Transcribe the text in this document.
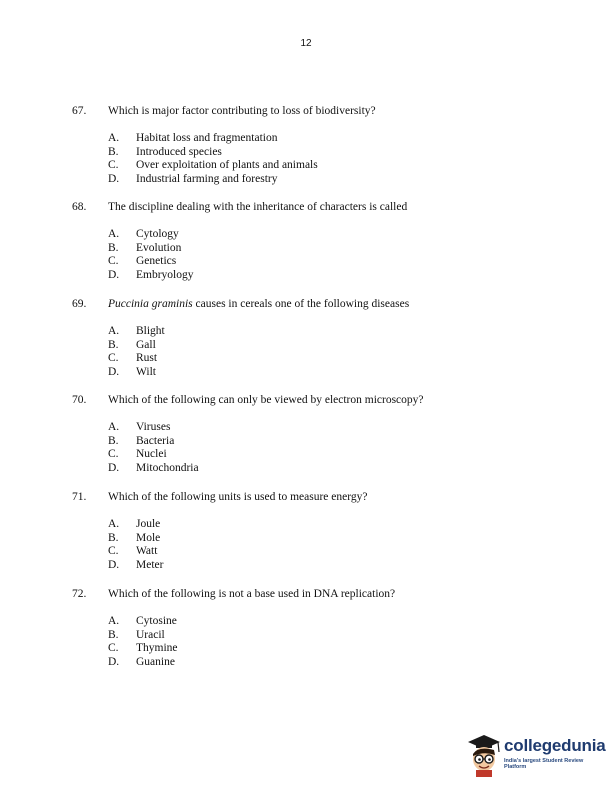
12
67.	Which is major factor contributing to loss of biodiversity?
A.	Habitat loss and fragmentation
B.	Introduced species
C.	Over exploitation of plants and animals
D.	Industrial farming and forestry
68.	The discipline dealing with the inheritance of characters is called
A.	Cytology
B.	Evolution
C.	Genetics
D.	Embryology
69.	Puccinia graminis causes in cereals one of the following diseases
A.	Blight
B.	Gall
C.	Rust
D.	Wilt
70.	Which of the following can only be viewed by electron microscopy?
A.	Viruses
B.	Bacteria
C.	Nuclei
D.	Mitochondria
71.	Which of the following units is used to measure energy?
A.	Joule
B.	Mole
C.	Watt
D.	Meter
72.	Which of the following is not a base used in DNA replication?
A.	Cytosine
B.	Uracil
C.	Thymine
D.	Guanine
collegedunia
India's largest Student Review Platform
